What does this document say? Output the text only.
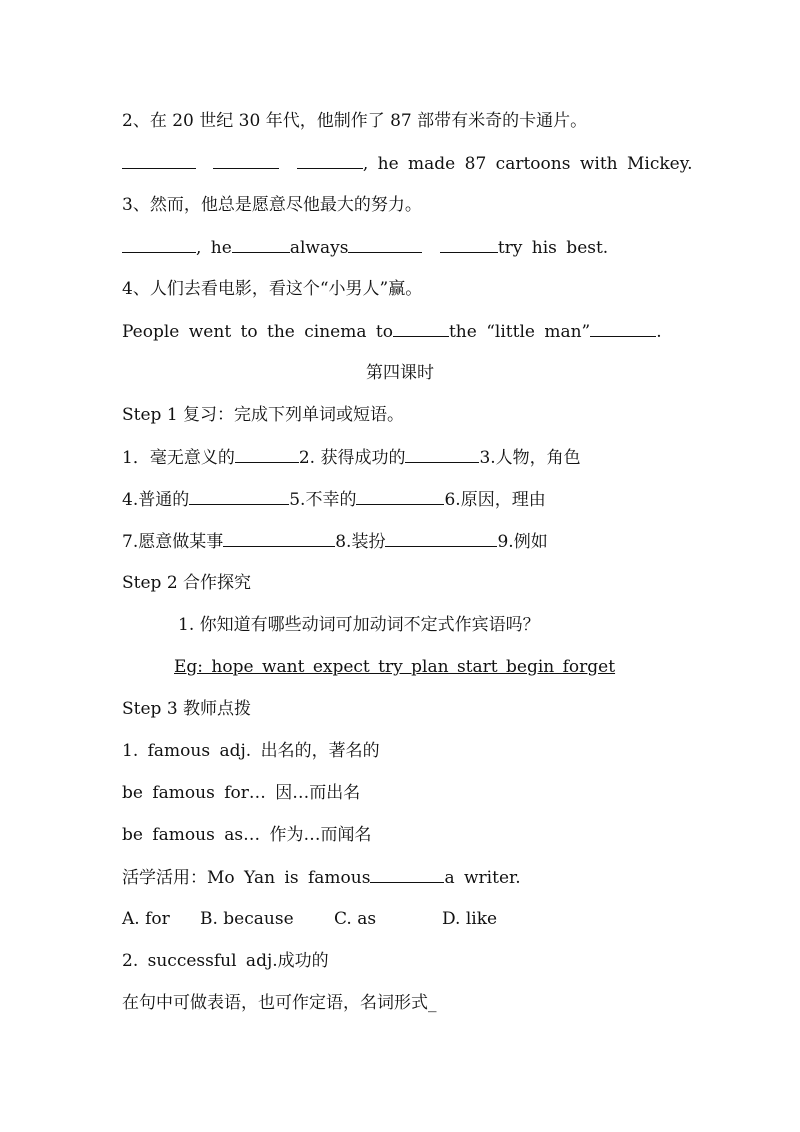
2、在 20 世纪 30 年代，他制作了 87 部带有米奇的卡通片。
, he made 87 cartoons with Mickey.
3、然而，他总是愿意尽他最大的努力。
, he	always	try his best.
4、人们去看电影，看这个“小男人”赢。
People went to the cinema to	the “little man”	.
第四课时
Step 1 复习：完成下列单词或短语。
1．毫无意义的	2. 获得成功的	3.人物，角色
4.普通的	5.不幸的	6.原因，理由
7.愿意做某事	8.装扮	9.例如
Step 2 合作探究
1. 你知道有哪些动词可加动词不定式作宾语吗？
Eg: hope want expect try plan start begin forget
Step 3 教师点拨
1. famous adj. 出名的，著名的
be famous for… 因…而出名
be famous as… 作为…而闻名
活学活用：Mo Yan is famous	a writer.
A. for B. because C. as	D. like
2. successful adj.成功的
在句中可做表语，也可作定语，名词形式_
